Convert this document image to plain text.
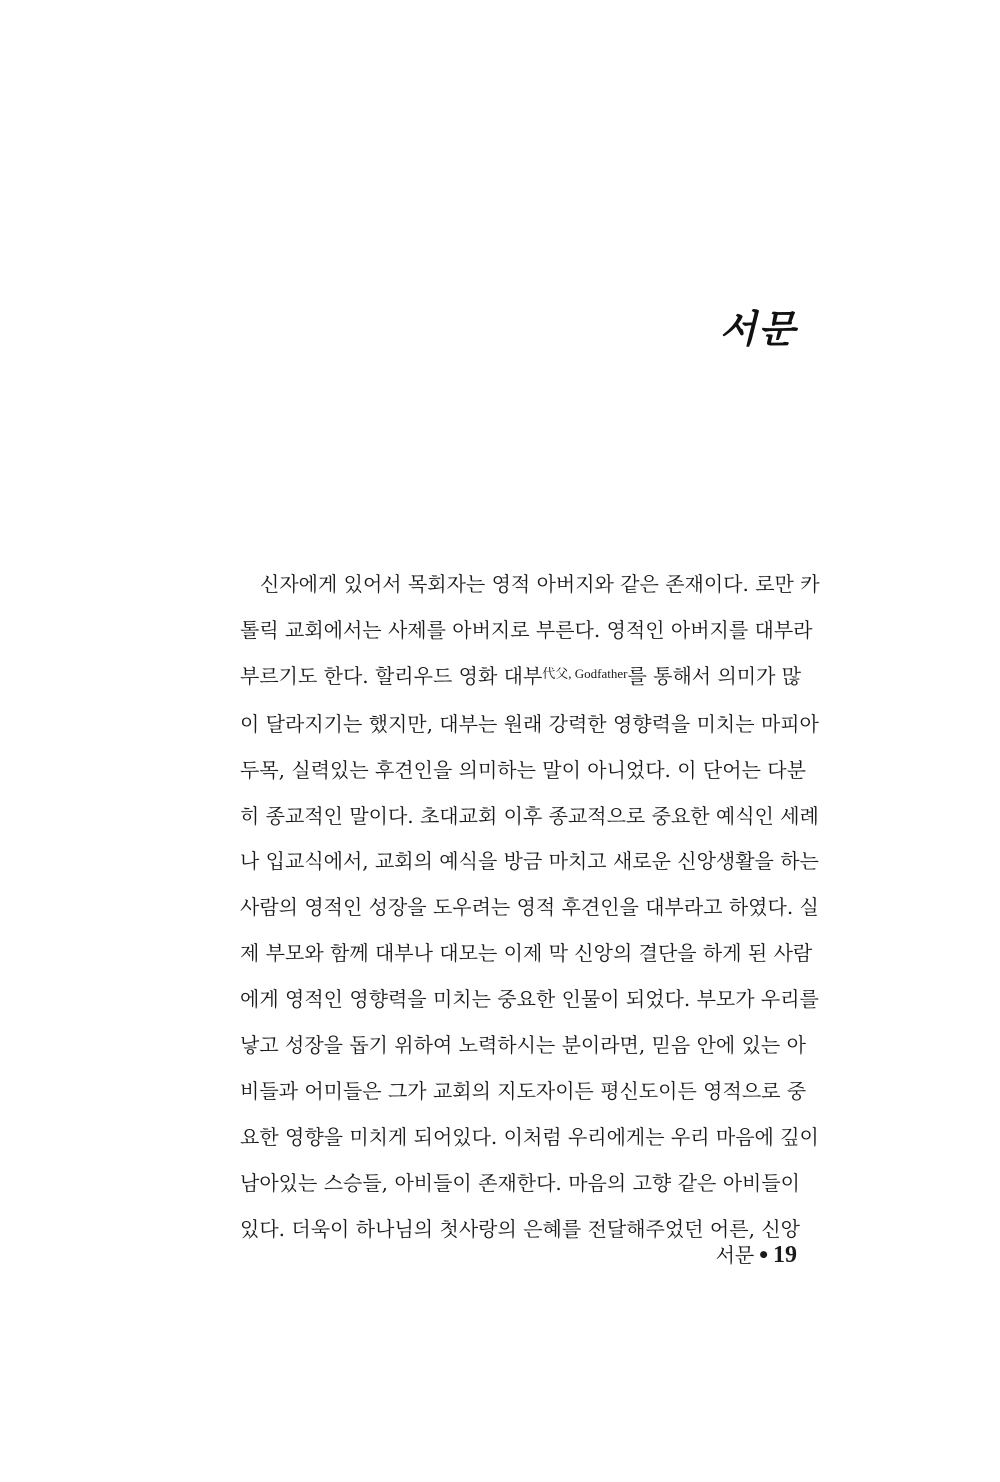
서문
신자에게 있어서 목회자는 영적 아버지와 같은 존재이다. 로만 카
톨릭 교회에서는 사제를 아버지로 부른다. 영적인 아버지를 대부라
부르기도 한다. 할리우드 영화 대부$^{代父, Godfather}$를 통해서 의미가 많
이 달라지기는 했지만, 대부는 원래 강력한 영향력을 미치는 마피아
두목, 실력있는 후견인을 의미하는 말이 아니었다. 이 단어는 다분
히 종교적인 말이다. 초대교회 이후 종교적으로 중요한 예식인 세례
나 입교식에서, 교회의 예식을 방금 마치고 새로운 신앙생활을 하는
사람의 영적인 성장을 도우려는 영적 후견인을 대부라고 하였다. 실
제 부모와 함께 대부나 대모는 이제 막 신앙의 결단을 하게 된 사람
에게 영적인 영향력을 미치는 중요한 인물이 되었다. 부모가 우리를
낳고 성장을 돕기 위하여 노력하시는 분이라면, 믿음 안에 있는 아
비들과 어미들은 그가 교회의 지도자이든 평신도이든 영적으로 중
요한 영향을 미치게 되어있다. 이처럼 우리에게는 우리 마음에 깊이
남아있는 스승들, 아비들이 존재한다. 마음의 고향 같은 아비들이
있다. 더욱이 하나님의 첫사랑의 은혜를 전달해주었던 어른, 신앙
서문 • 19
